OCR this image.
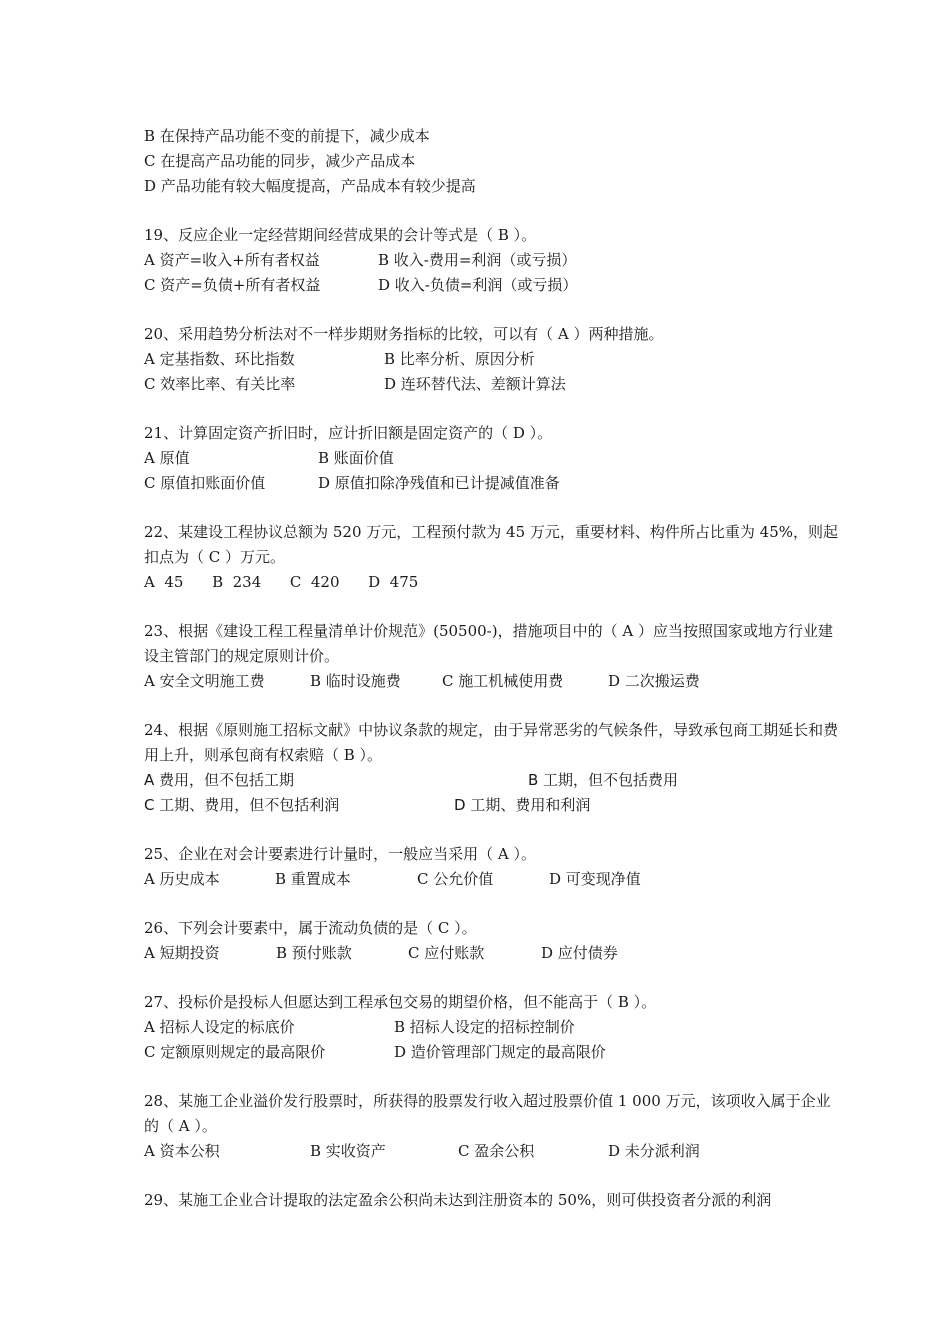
B 在保持产品功能不变的前提下，减少成本
C 在提高产品功能的同步，减少产品成本
D 产品功能有较大幅度提高，产品成本有较少提高
19、反应企业一定经营期间经营成果的会计等式是（ B ）。
A 资产=收入+所有者权益	B 收入-费用=利润（或亏损）
C 资产=负债+所有者权益	D 收入-负债=利润（或亏损）
20、采用趋势分析法对不一样步期财务指标的比较，可以有（ A ）两种措施。
A 定基指数、环比指数	B 比率分析、原因分析
C 效率比率、有关比率	D 连环替代法、差额计算法
21、计算固定资产折旧时，应计折旧额是固定资产的（ D ）。
A 原值	B 账面价值
C 原值扣账面价值	D 原值扣除净残值和已计提减值准备
22、某建设工程协议总额为 520 万元，工程预付款为 45 万元，重要材料、构件所占比重为 45%，则起扣点为（ C ）万元。
A  45      B  234      C  420      D  475
23、根据《建设工程工程量清单计价规范》(50500-)，措施项目中的（ A ）应当按照国家或地方行业建设主管部门的规定原则计价。
A 安全文明施工费	B 临时设施费	C 施工机械使用费	D 二次搬运费
24、根据《原则施工招标文献》中协议条款的规定，由于异常恶劣的气候条件，导致承包商工期延长和费用上升，则承包商有权索赔（ B ）。
A 费用，但不包括工期	B 工期，但不包括费用
C 工期、费用，但不包括利润	D 工期、费用和利润
25、企业在对会计要素进行计量时，一般应当采用（ A ）。
A 历史成本	B 重置成本	C 公允价值	D 可变现净值
26、下列会计要素中，属于流动负债的是（ C ）。
A 短期投资	B 预付账款	C 应付账款	D 应付债券
27、投标价是投标人但愿达到工程承包交易的期望价格，但不能高于（ B ）。
A 招标人设定的标底价	B 招标人设定的招标控制价
C 定额原则规定的最高限价	D 造价管理部门规定的最高限价
28、某施工企业溢价发行股票时，所获得的股票发行收入超过股票价值 1 000 万元，该项收入属于企业的（ A ）。
A 资本公积	B 实收资产	C 盈余公积	D 未分派利润
29、某施工企业合计提取的法定盈余公积尚未达到注册资本的 50%，则可供投资者分派的利润
